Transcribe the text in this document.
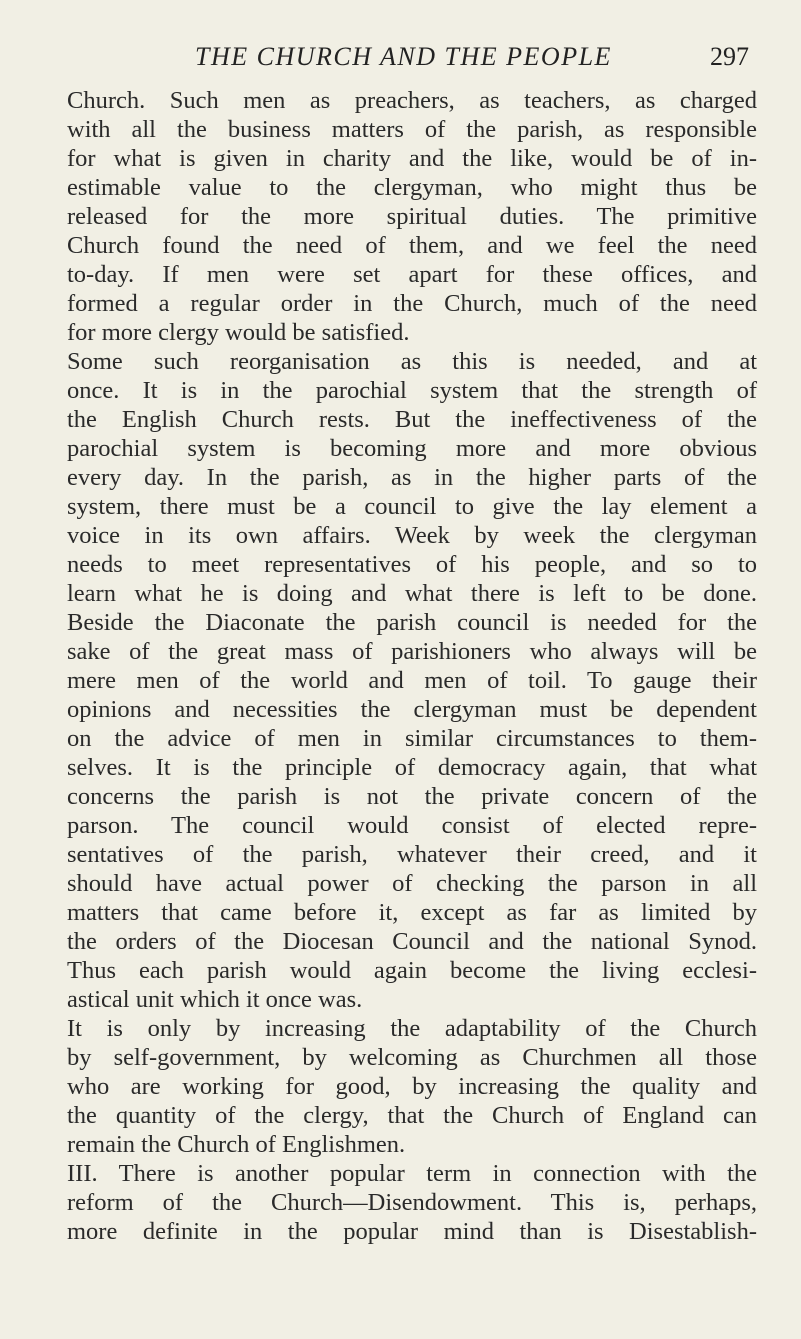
THE CHURCH AND THE PEOPLE	297
Church. Such men as preachers, as teachers, as charged
with all the business matters of the parish, as responsible
for what is given in charity and the like, would be of in-
estimable value to the clergyman, who might thus be
released for the more spiritual duties. The primitive
Church found the need of them, and we feel the need
to-day. If men were set apart for these offices, and
formed a regular order in the Church, much of the need
for more clergy would be satisfied.
Some such reorganisation as this is needed, and at
once. It is in the parochial system that the strength of
the English Church rests. But the ineffectiveness of the
parochial system is becoming more and more obvious
every day. In the parish, as in the higher parts of the
system, there must be a council to give the lay element a
voice in its own affairs. Week by week the clergyman
needs to meet representatives of his people, and so to
learn what he is doing and what there is left to be done.
Beside the Diaconate the parish council is needed for the
sake of the great mass of parishioners who always will be
mere men of the world and men of toil. To gauge their
opinions and necessities the clergyman must be dependent
on the advice of men in similar circumstances to them-
selves. It is the principle of democracy again, that what
concerns the parish is not the private concern of the
parson. The council would consist of elected repre-
sentatives of the parish, whatever their creed, and it
should have actual power of checking the parson in all
matters that came before it, except as far as limited by
the orders of the Diocesan Council and the national Synod.
Thus each parish would again become the living ecclesi-
astical unit which it once was.
It is only by increasing the adaptability of the Church
by self-government, by welcoming as Churchmen all those
who are working for good, by increasing the quality and
the quantity of the clergy, that the Church of England can
remain the Church of Englishmen.
III. There is another popular term in connection with the
reform of the Church—Disendowment. This is, perhaps,
more definite in the popular mind than is Disestablish-
